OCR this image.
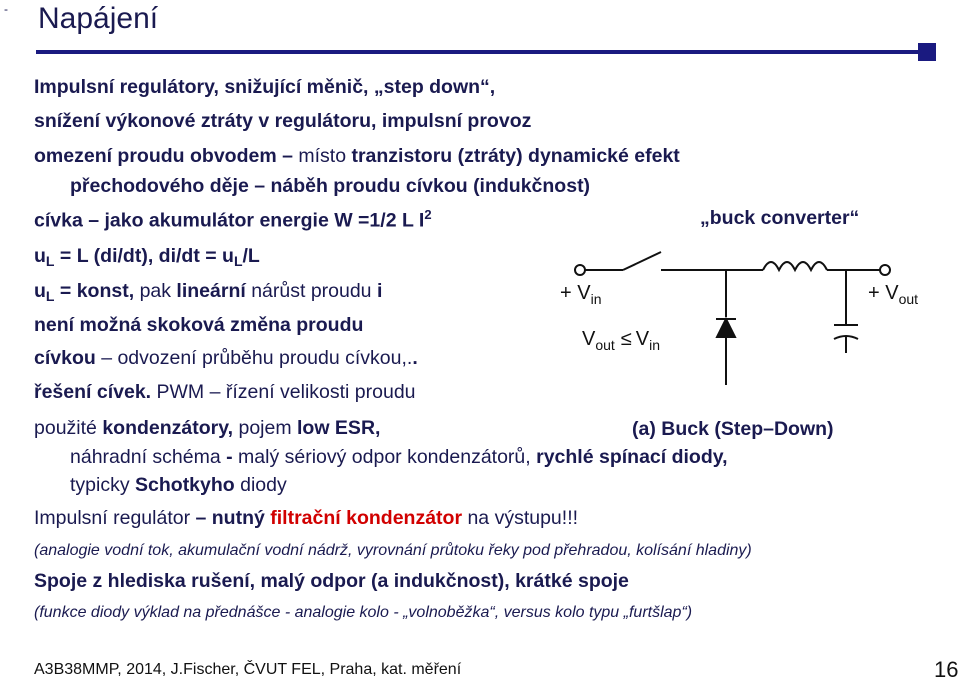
- Napájení
„buck converter“
Impulsní regulátory, snižující měnič, „step down“,
snížení výkonové ztráty v regulátoru, impulsní provoz
omezení proudu obvodem – místo tranzistoru (ztráty) dynamické efekt
přechodového děje – náběh proudu cívkou (indukčnost)
cívka – jako akumulátor energie W =1/2 L $I^2$
$u_L = L$ (di/dt), $di/dt = u_L/L$
$u_L$ = konst, pak lineární nárůst proudu i
není možná skoková změna proudu
cívkou – odvození průběhu proudu cívkou,..
řešení cívek. PWM – řízení velikosti proudu
použité kondenzátory, pojem low ESR,
náhradní schéma - malý sériový odpor kondenzátorů, rychlé spínací diody,
typicky Schotkyho diody
Impulsní regulátor – nutný filtrační kondenzátor na výstupu!!!
(analogie vodní tok, akumulační vodní nádrž, vyrovnání průtoku řeky pod přehradou, kolísání hladiny)
Spoje z hlediska rušení, malý odpor (a indukčnost), krátké spoje
(funkce diody výklad na přednášce - analogie kolo - „volnoběžka“, versus kolo typu „furtšlap“)
+ $V_{in}$	+ $V_{out}$
$V_{out} \le V_{in}$
(a) Buck (Step–Down)
A3B38MMP, 2014, J.Fischer, ČVUT FEL, Praha, kat. měření	16
